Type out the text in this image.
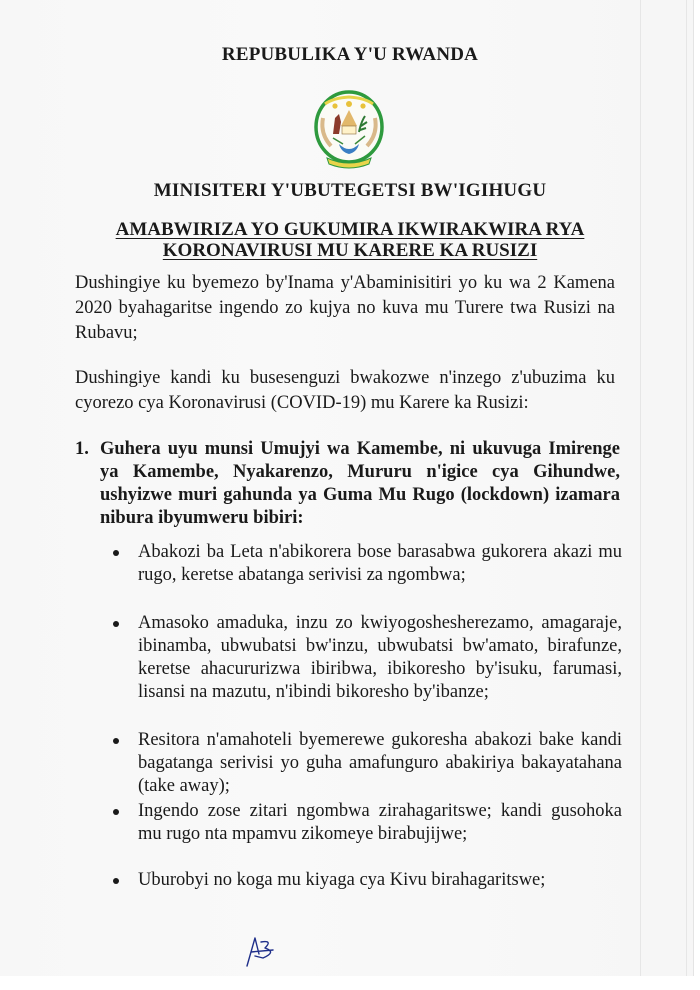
REPUBULIKA Y'U RWANDA
MINISITERI Y'UBUTEGETSI BW'IGIHUGU
AMABWIRIZA YO GUKUMIRA IKWIRAKWIRA RYA
KORONAVIRUSI MU KARERE KA RUSIZI
Dushingiye ku byemezo by'Inama y'Abaminisitiri yo ku wa 2 Kamena 2020 byahagaritse ingendo zo kujya no kuva mu Turere twa Rusizi na Rubavu;
Dushingiye kandi ku busesenguzi bwakozwe n'inzego z'ubuzima ku cyorezo cya Koronavirusi (COVID-19) mu Karere ka Rusizi:
1. Guhera uyu munsi Umujyi wa Kamembe, ni ukuvuga Imirenge ya Kamembe, Nyakarenzo, Mururu n'igice cya Gihundwe, ushyizwe muri gahunda ya Guma Mu Rugo (lockdown) izamara nibura ibyumweru bibiri:
Abakozi ba Leta n'abikorera bose barasabwa gukorera akazi mu rugo, keretse abatanga serivisi za ngombwa;
Amasoko amaduka, inzu zo kwiyogoshesherezamo, amagaraje, ibinamba, ubwubatsi bw'inzu, ubwubatsi bw'amato, birafunze, keretse ahacururizwa ibiribwa, ibikoresho by'isuku, farumasi, lisansi na mazutu, n'ibindi bikoresho by'ibanze;
Resitora n'amahoteli byemerewe gukoresha abakozi bake kandi bagatanga serivisi yo guha amafunguro abakiriya bakayatahana (take away);
Ingendo zose zitari ngombwa zirahagaritswe; kandi gusohoka mu rugo nta mpamvu zikomeye birabujijwe;
Uburobyi no koga mu kiyaga cya Kivu birahagaritswe;
